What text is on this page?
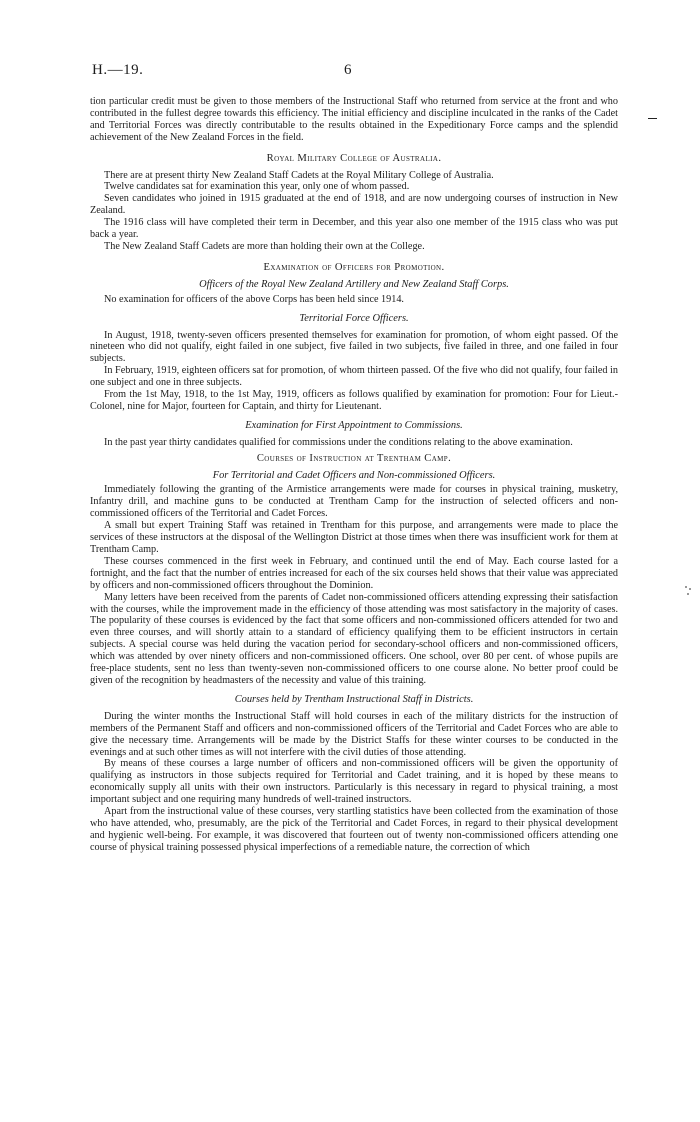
H.—19.	6

tion particular credit must be given to those members of the Instructional Staff who returned from service at the front and who contributed in the fullest degree towards this efficiency. The initial efficiency and discipline inculcated in the ranks of the Cadet and Territorial Forces was directly contributable to the results obtained in the Expeditionary Force camps and the splendid achievement of the New Zealand Forces in the field.

Royal Military College of Australia.

There are at present thirty New Zealand Staff Cadets at the Royal Military College of Australia.

Twelve candidates sat for examination this year, only one of whom passed.

Seven candidates who joined in 1915 graduated at the end of 1918, and are now undergoing courses of instruction in New Zealand.

The 1916 class will have completed their term in December, and this year also one member of the 1915 class who was put back a year.

The New Zealand Staff Cadets are more than holding their own at the College.

Examination of Officers for Promotion.
Officers of the Royal New Zealand Artillery and New Zealand Staff Corps.

No examination for officers of the above Corps has been held since 1914.

Territorial Force Officers.

In August, 1918, twenty-seven officers presented themselves for examination for promotion, of whom eight passed. Of the nineteen who did not qualify, eight failed in one subject, five failed in two subjects, five failed in three, and one failed in four subjects.

In February, 1919, eighteen officers sat for promotion, of whom thirteen passed. Of the five who did not qualify, four failed in one subject and one in three subjects.

From the 1st May, 1918, to the 1st May, 1919, officers as follows qualified by examination for promotion: Four for Lieut.-Colonel, nine for Major, fourteen for Captain, and thirty for Lieutenant.

Examination for First Appointment to Commissions.

In the past year thirty candidates qualified for commissions under the conditions relating to the above examination.

Courses of Instruction at Trentham Camp.
For Territorial and Cadet Officers and Non-commissioned Officers.

Immediately following the granting of the Armistice arrangements were made for courses in physical training, musketry, Infantry drill, and machine guns to be conducted at Trentham Camp for the instruction of selected officers and non-commissioned officers of the Territorial and Cadet Forces.

A small but expert Training Staff was retained in Trentham for this purpose, and arrangements were made to place the services of these instructors at the disposal of the Wellington District at those times when there was insufficient work for them at Trentham Camp.

These courses commenced in the first week in February, and continued until the end of May. Each course lasted for a fortnight, and the fact that the number of entries increased for each of the six courses held shows that their value was appreciated by officers and non-commissioned officers throughout the Dominion.

Many letters have been received from the parents of Cadet non-commissioned officers attending expressing their satisfaction with the courses, while the improvement made in the efficiency of those attending was most satisfactory in the majority of cases. The popularity of these courses is evidenced by the fact that some officers and non-commissioned officers attended for two and even three courses, and will shortly attain to a standard of efficiency qualifying them to be efficient instructors in certain subjects. A special course was held during the vacation period for secondary-school officers and non-commissioned officers, which was attended by over ninety officers and non-commissioned officers. One school, over 80 per cent. of whose pupils are free-place students, sent no less than twenty-seven non-commissioned officers to one course alone. No better proof could be given of the recognition by headmasters of the necessity and value of this training.

Courses held by Trentham Instructional Staff in Districts.

During the winter months the Instructional Staff will hold courses in each of the military districts for the instruction of members of the Permanent Staff and officers and non-commissioned officers of the Territorial and Cadet Forces who are able to give the necessary time. Arrangements will be made by the District Staffs for these winter courses to be conducted in the evenings and at such other times as will not interfere with the civil duties of those attending.

By means of these courses a large number of officers and non-commissioned officers will be given the opportunity of qualifying as instructors in those subjects required for Territorial and Cadet training, and it is hoped by these means to economically supply all units with their own instructors. Particularly is this necessary in regard to physical training, a most important subject and one requiring many hundreds of well-trained instructors.

Apart from the instructional value of these courses, very startling statistics have been collected from the examination of those who have attended, who, presumably, are the pick of the Territorial and Cadet Forces, in regard to their physical development and hygienic well-being. For example, it was discovered that fourteen out of twenty non-commissioned officers attending one course of physical training possessed physical imperfections of a remediable nature, the correction of which
